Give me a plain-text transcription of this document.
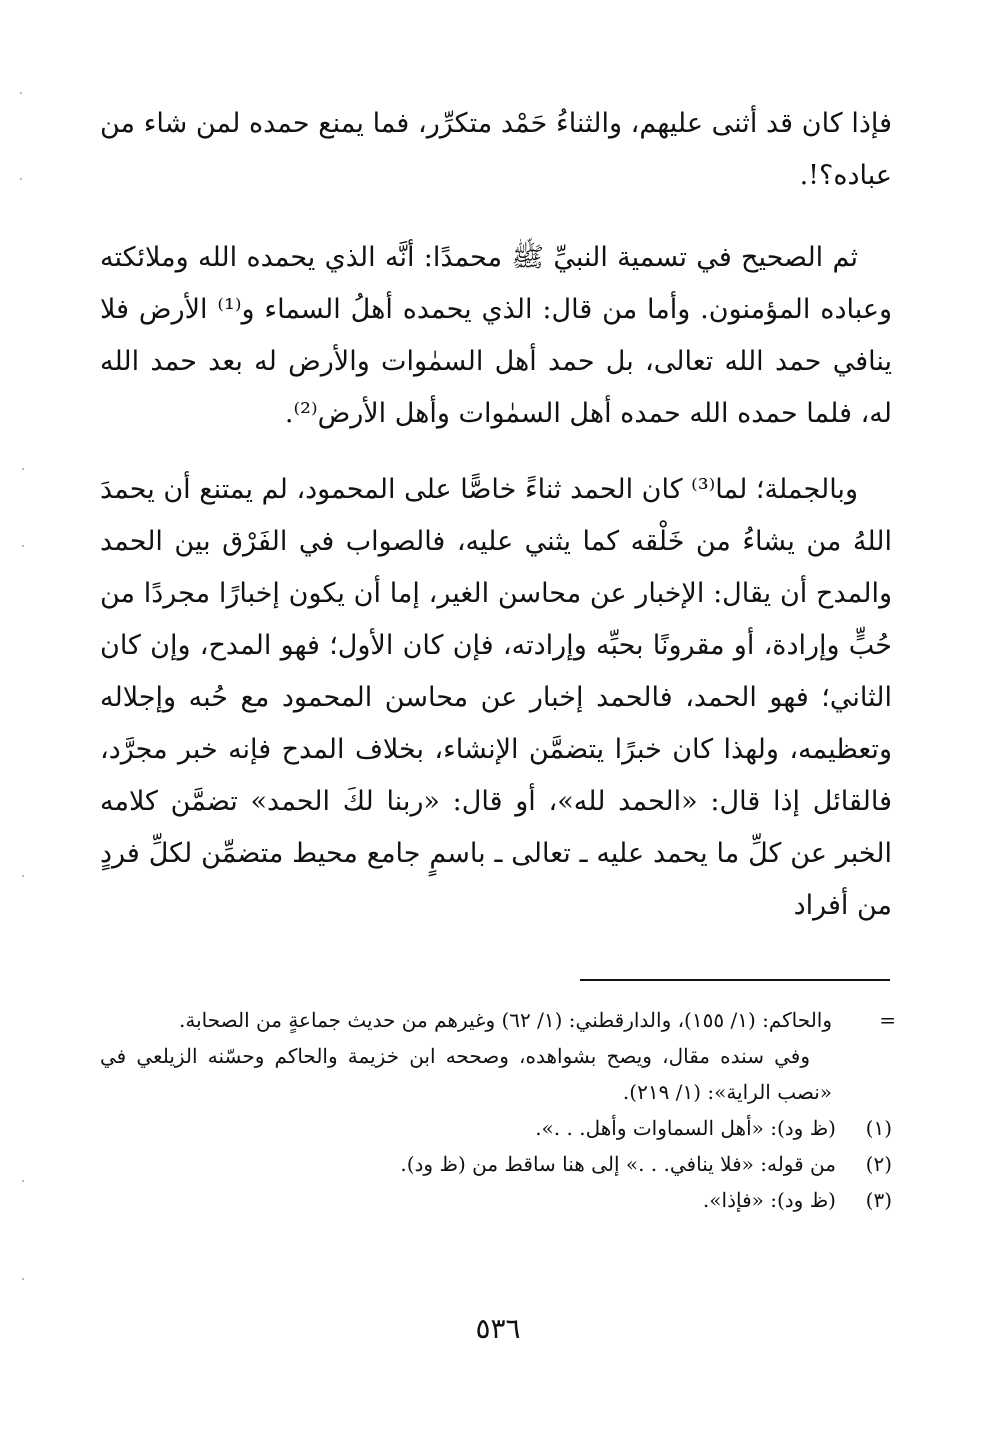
فإذا كان قد أثنى عليهم، والثناءُ حَمْد متكرِّر، فما يمنع حمده لمن شاء من عباده؟!.

ثم الصحيح في تسمية النبيِّ ﷺ محمدًا: أنَّه الذي يحمده الله وملائكته وعباده المؤمنون. وأما من قال: الذي يحمده أهلُ السماء و⁽¹⁾ الأرض فلا ينافي حمد الله تعالى، بل حمد أهل السمٰوات والأرض له بعد حمد الله له، فلما حمده الله حمده أهل السمٰوات وأهل الأرض⁽²⁾.

وبالجملة؛ لما⁽³⁾ كان الحمد ثناءً خاصًّا على المحمود، لم يمتنع أن يحمدَ اللهُ من يشاءُ من خَلْقه كما يثني عليه، فالصواب في الفَرْق بين الحمد والمدح أن يقال: الإخبار عن محاسن الغير، إما أن يكون إخبارًا مجردًا من حُبٍّ وإرادة، أو مقرونًا بحبِّه وإرادته، فإن كان الأول؛ فهو المدح، وإن كان الثاني؛ فهو الحمد، فالحمد إخبار عن محاسن المحمود مع حُبه وإجلاله وتعظيمه، ولهذا كان خبرًا يتضمَّن الإنشاء، بخلاف المدح فإنه خبر مجرَّد، فالقائل إذا قال: «الحمد لله»، أو قال: «ربنا لكَ الحمد» تضمَّن كلامه الخبر عن كلِّ ما يحمد عليه ـ تعالى ـ باسمٍ جامع محيط متضمِّن لكلِّ فردٍ من أفراد

=
والحاكم: (١/ ١٥٥)، والدارقطني: (١/ ٦٢) وغيرهم من حديث جماعةٍ من الصحابة.
وفي سنده مقال، ويصح بشواهده، وصححه ابن خزيمة والحاكم وحسّنه الزيلعي في «نصب الراية»: (١/ ٢١٩).
(١)
(ظ ود): «أهل السماوات وأهل. . .».
(٢)
من قوله: «فلا ينافي. . .» إلى هنا ساقط من (ظ ود).
(٣)
(ظ ود): «فإذا».
٥٣٦
